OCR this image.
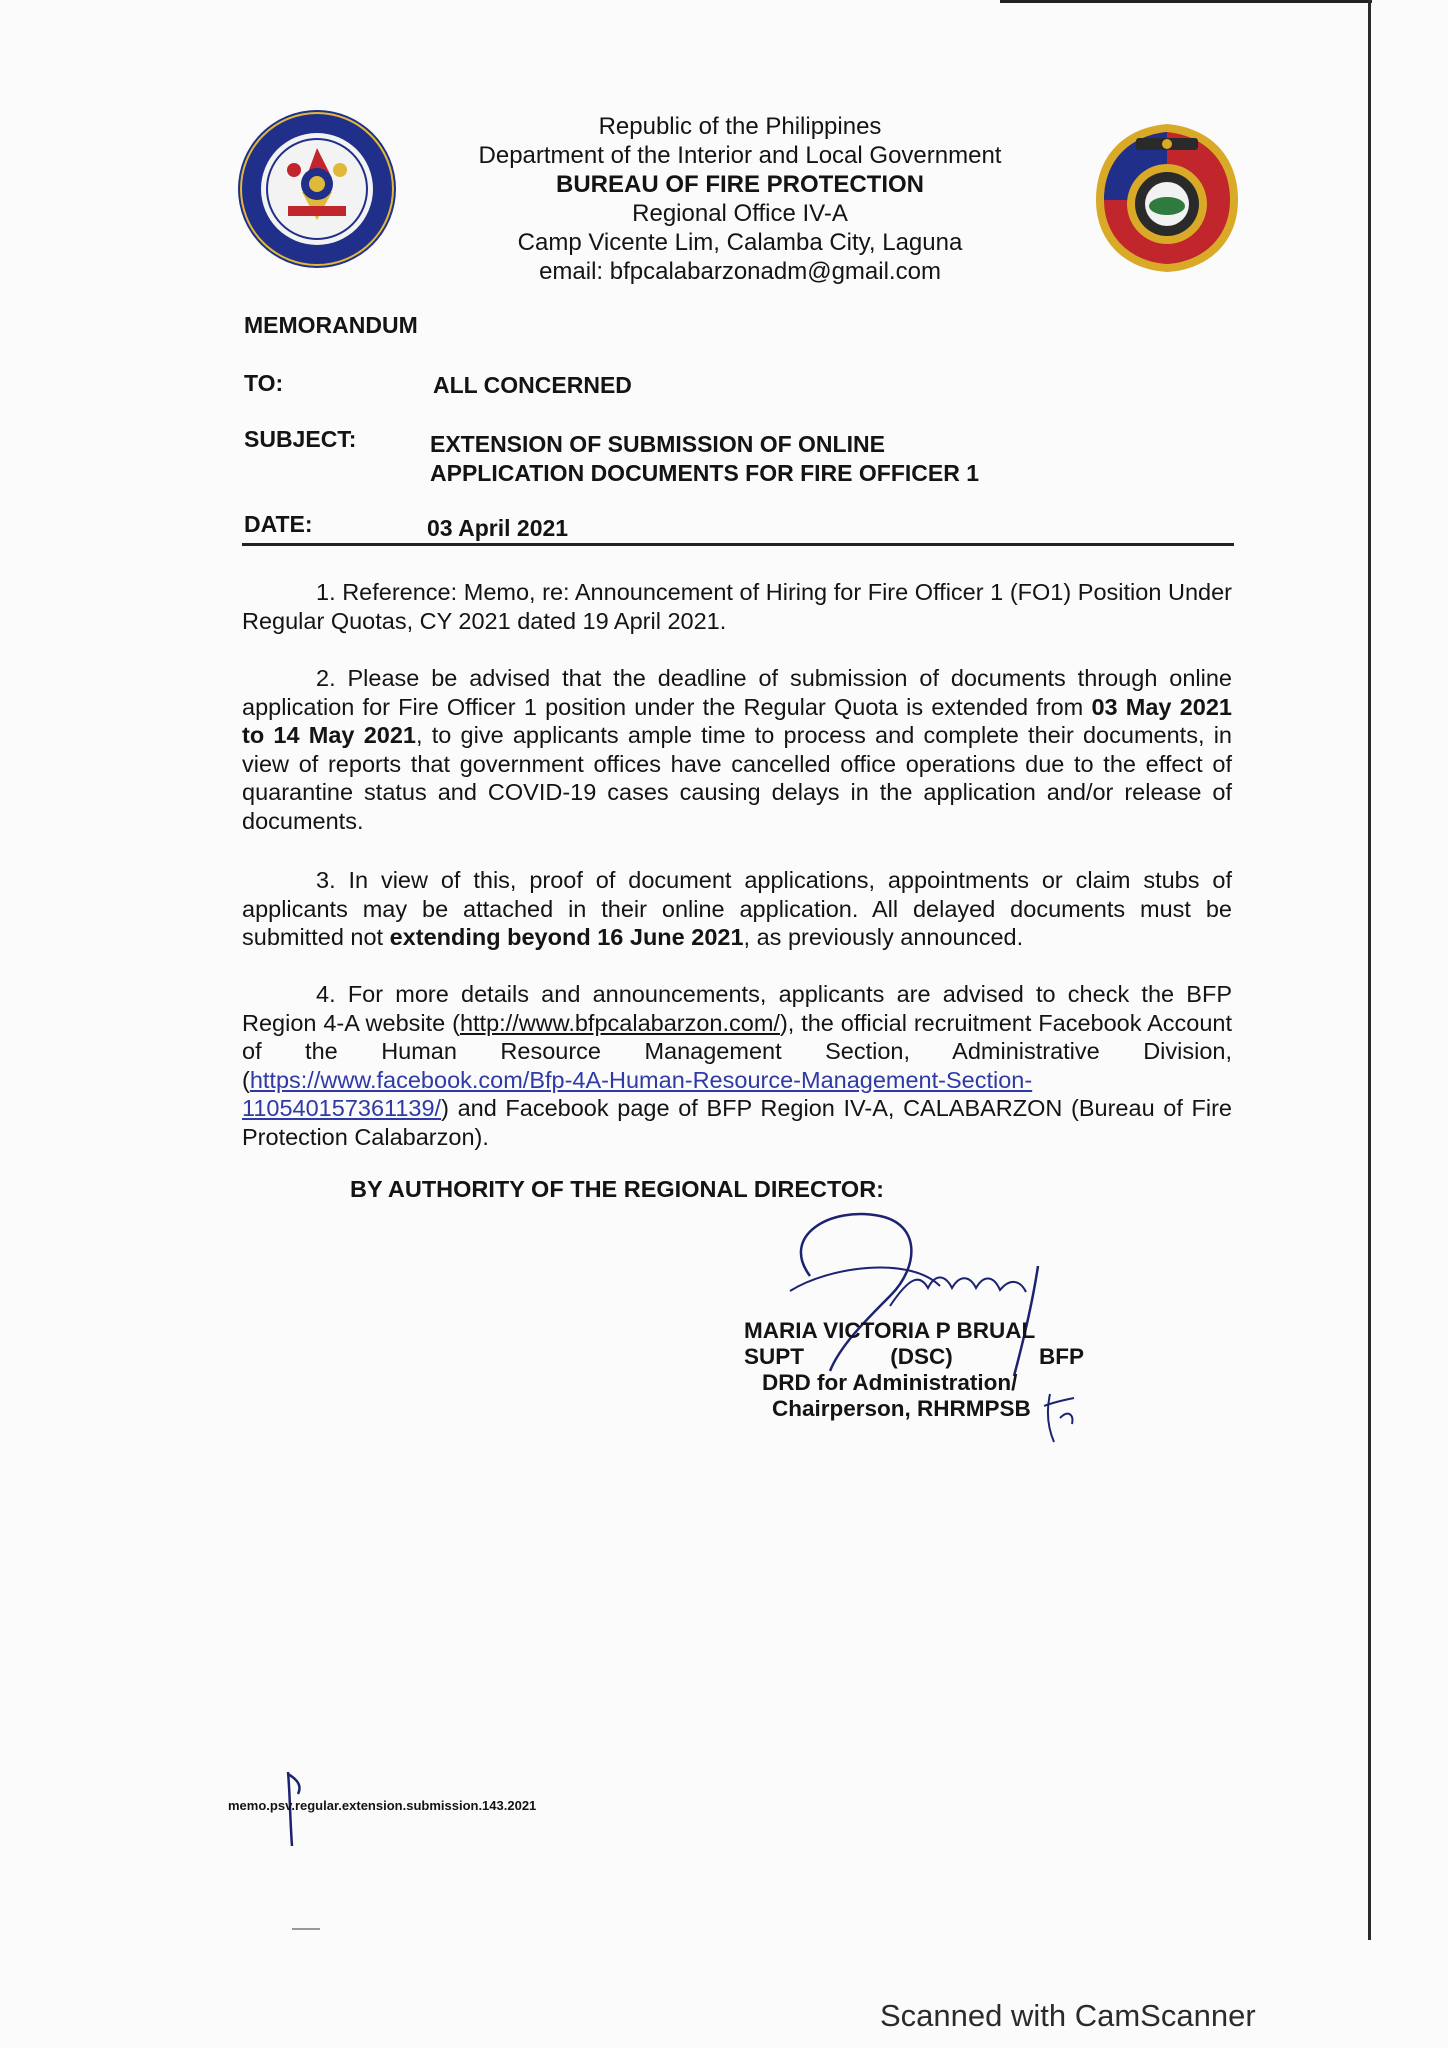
Republic of the Philippines
Department of the Interior and Local Government
BUREAU OF FIRE PROTECTION
Regional Office IV-A
Camp Vicente Lim, Calamba City, Laguna
email: bfpcalabarzonadm@gmail.com
MEMORANDUM
TO:	ALL CONCERNED
SUBJECT:	EXTENSION OF SUBMISSION OF ONLINE
APPLICATION DOCUMENTS FOR FIRE OFFICER 1
DATE:	03 April 2021
1. Reference: Memo, re: Announcement of Hiring for Fire Officer 1 (FO1) Position Under Regular Quotas, CY 2021 dated 19 April 2021.
2. Please be advised that the deadline of submission of documents through online application for Fire Officer 1 position under the Regular Quota is extended from 03 May 2021 to 14 May 2021, to give applicants ample time to process and complete their documents, in view of reports that government offices have cancelled office operations due to the effect of quarantine status and COVID-19 cases causing delays in the application and/or release of documents.
3. In view of this, proof of document applications, appointments or claim stubs of applicants may be attached in their online application. All delayed documents must be submitted not extending beyond 16 June 2021, as previously announced.
4. For more details and announcements, applicants are advised to check the BFP Region 4-A website (http://www.bfpcalabarzon.com/), the official recruitment Facebook Account of the Human Resource Management Section, Administrative Division, (https://www.facebook.com/Bfp-4A-Human-Resource-Management-Section-110540157361139/) and Facebook page of BFP Region IV-A, CALABARZON (Bureau of Fire Protection Calabarzon).
BY AUTHORITY OF THE REGIONAL DIRECTOR:
MARIA VICTORIA P BRUAL
SUPT	(DSC)	BFP
DRD for Administration/
Chairperson, RHRMPSB
memo.psv.regular.extension.submission.143.2021
Scanned with CamScanner
